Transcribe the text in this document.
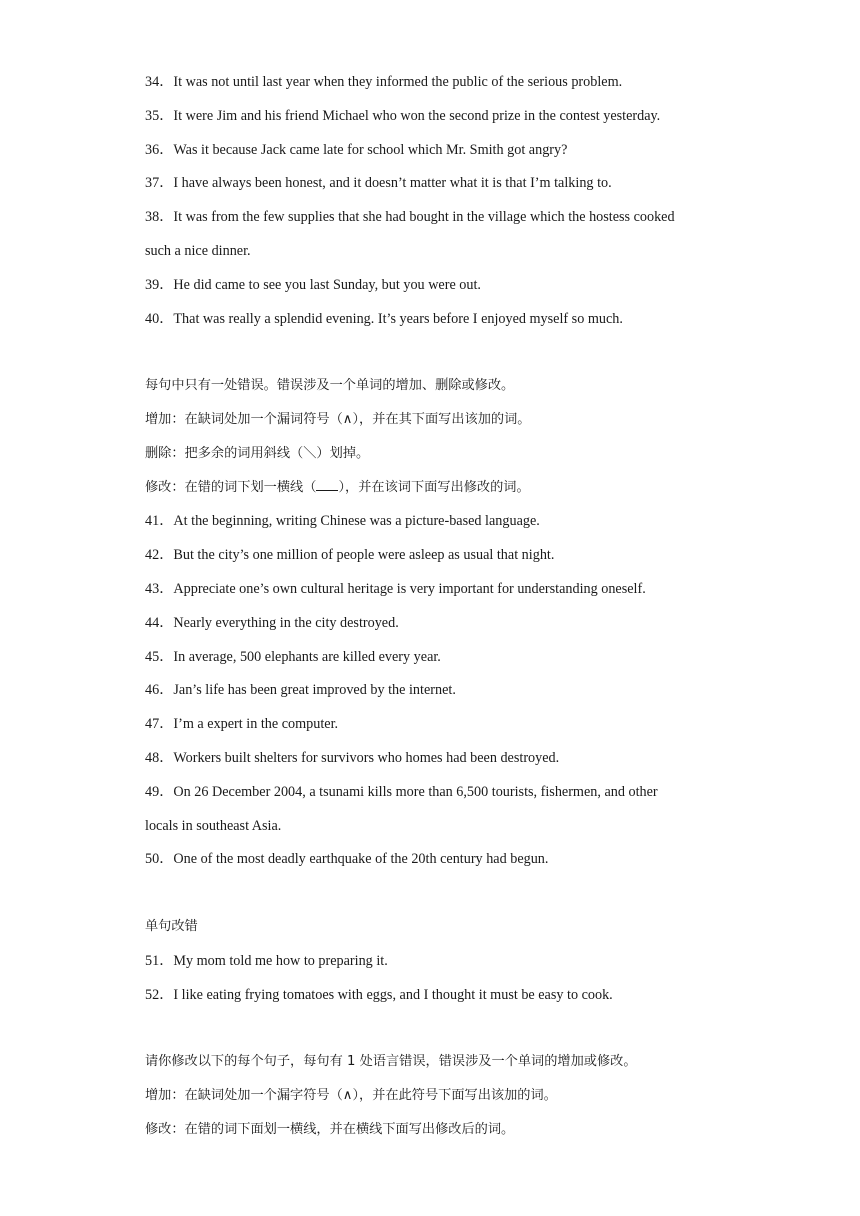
34．It was not until last year when they informed the public of the serious problem.
35．It were Jim and his friend Michael who won the second prize in the contest yesterday.
36．Was it because Jack came late for school which Mr. Smith got angry?
37．I have always been honest, and it doesn’t matter what it is that I’m talking to.
38．It was from the few supplies that she had bought in the village which the hostess cooked
such a nice dinner.
39．He did came to see you last Sunday, but you were out.
40．That was really a splendid evening. It’s years before I enjoyed myself so much.
每句中只有一处错误。错误涉及一个单词的增加、删除或修改。
增加：在缺词处加一个漏词符号（∧），并在其下面写出该加的词。
删除：把多余的词用斜线（＼）划掉。
修改：在错的词下划一横线（ ），并在该词下面写出修改的词。
41．At the beginning, writing Chinese was a picture-based language.
42．But the city’s one million of people were asleep as usual that night.
43．Appreciate one’s own cultural heritage is very important for understanding oneself.
44．Nearly everything in the city destroyed.
45．In average, 500 elephants are killed every year.
46．Jan’s life has been great improved by the internet.
47．I’m a expert in the computer.
48．Workers built shelters for survivors who homes had been destroyed.
49．On 26 December 2004, a tsunami kills more than 6,500 tourists, fishermen, and other
locals in southeast Asia.
50．One of the most deadly earthquake of the 20th century had begun.
单句改错
51．My mom told me how to preparing it.
52．I like eating frying tomatoes with eggs, and I thought it must be easy to cook.
请你修改以下的每个句子，每句有 1 处语言错误，错误涉及一个单词的增加或修改。
增加：在缺词处加一个漏字符号（∧），并在此符号下面写出该加的词。
修改：在错的词下面划一横线，并在横线下面写出修改后的词。
